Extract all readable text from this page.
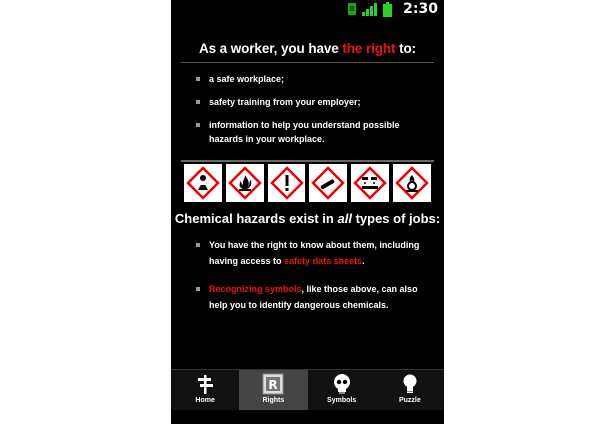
2:30
As a worker, you have the right to:
a safe workplace;
safety training from your employer;
information to help you understand possible hazards in your workplace.
Chemical hazards exist in all types of jobs:
You have the right to know about them, including having access to safety data sheets.
Recognizing symbols, like those above, can also help you to identify dangerous chemicals.
Home
R
Rights	Symbols	Puzzle
